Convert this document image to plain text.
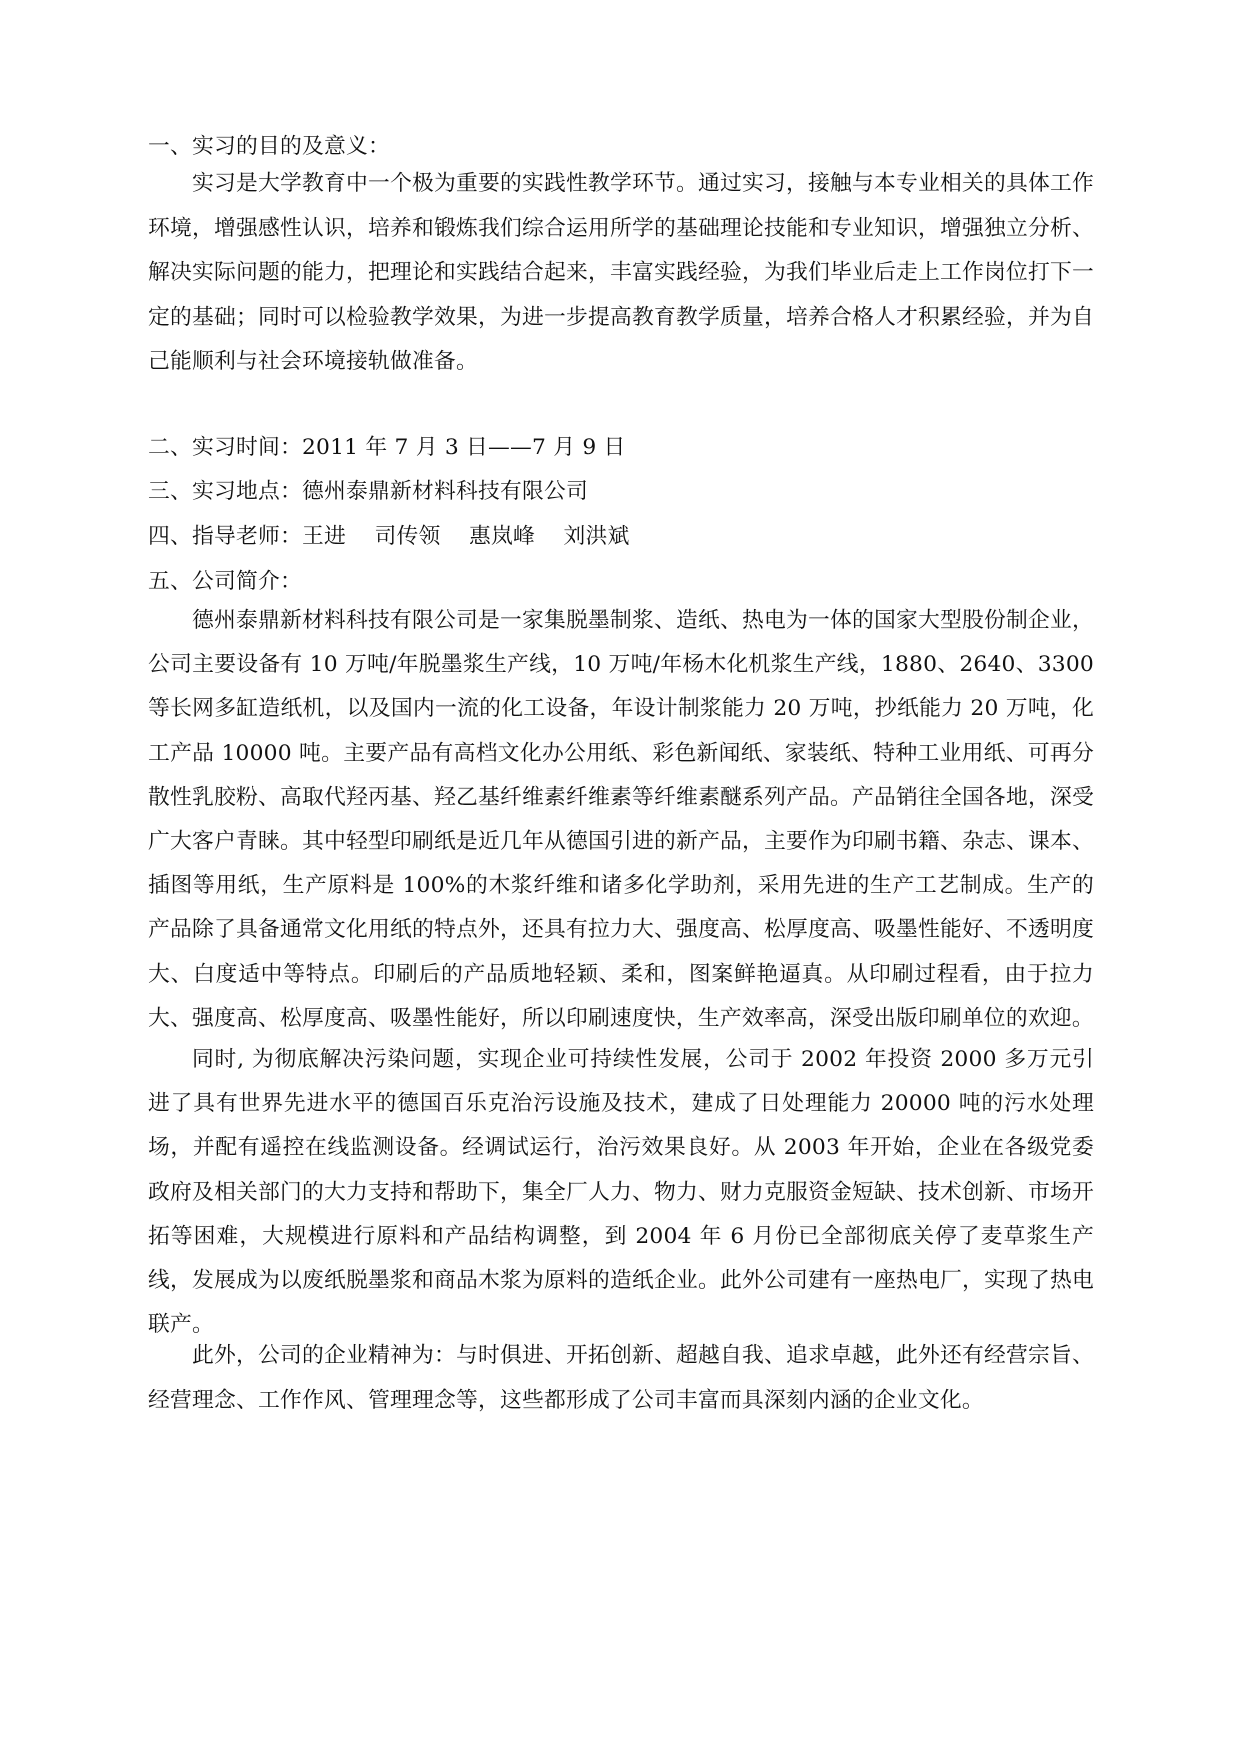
一、实习的目的及意义：

实习是大学教育中一个极为重要的实践性教学环节。通过实习，接触与本专业相关的具体工作环境，增强感性认识，培养和锻炼我们综合运用所学的基础理论技能和专业知识，增强独立分析、解决实际问题的能力，把理论和实践结合起来，丰富实践经验，为我们毕业后走上工作岗位打下一定的基础；同时可以检验教学效果，为进一步提高教育教学质量，培养合格人才积累经验，并为自己能顺利与社会环境接轨做准备。

二、实习时间：2011 年 7 月 3 日——7 月 9 日

三、实习地点：德州泰鼎新材料科技有限公司

四、指导老师：王进    司传领    惠岚峰    刘洪斌

五、公司简介：

德州泰鼎新材料科技有限公司是一家集脱墨制浆、造纸、热电为一体的国家大型股份制企业，公司主要设备有 10 万吨/年脱墨浆生产线，10 万吨/年杨木化机浆生产线，1880、2640、3300 等长网多缸造纸机，以及国内一流的化工设备，年设计制浆能力 20 万吨，抄纸能力 20 万吨，化工产品 10000 吨。主要产品有高档文化办公用纸、彩色新闻纸、家装纸、特种工业用纸、可再分散性乳胶粉、高取代羟丙基、羟乙基纤维素纤维素等纤维素醚系列产品。产品销往全国各地，深受广大客户青睐。其中轻型印刷纸是近几年从德国引进的新产品，主要作为印刷书籍、杂志、课本、插图等用纸，生产原料是 100%的木浆纤维和诸多化学助剂，采用先进的生产工艺制成。生产的产品除了具备通常文化用纸的特点外，还具有拉力大、强度高、松厚度高、吸墨性能好、不透明度大、白度适中等特点。印刷后的产品质地轻颖、柔和，图案鲜艳逼真。从印刷过程看，由于拉力大、强度高、松厚度高、吸墨性能好，所以印刷速度快，生产效率高，深受出版印刷单位的欢迎。

同时, 为彻底解决污染问题，实现企业可持续性发展，公司于 2002 年投资 2000 多万元引进了具有世界先进水平的德国百乐克治污设施及技术，建成了日处理能力 20000 吨的污水处理场，并配有遥控在线监测设备。经调试运行，治污效果良好。从 2003 年开始，企业在各级党委政府及相关部门的大力支持和帮助下，集全厂人力、物力、财力克服资金短缺、技术创新、市场开拓等困难，大规模进行原料和产品结构调整，到 2004 年 6 月份已全部彻底关停了麦草浆生产线，发展成为以废纸脱墨浆和商品木浆为原料的造纸企业。此外公司建有一座热电厂，实现了热电联产。

此外，公司的企业精神为：与时俱进、开拓创新、超越自我、追求卓越，此外还有经营宗旨、经营理念、工作作风、管理理念等，这些都形成了公司丰富而具深刻内涵的企业文化。
